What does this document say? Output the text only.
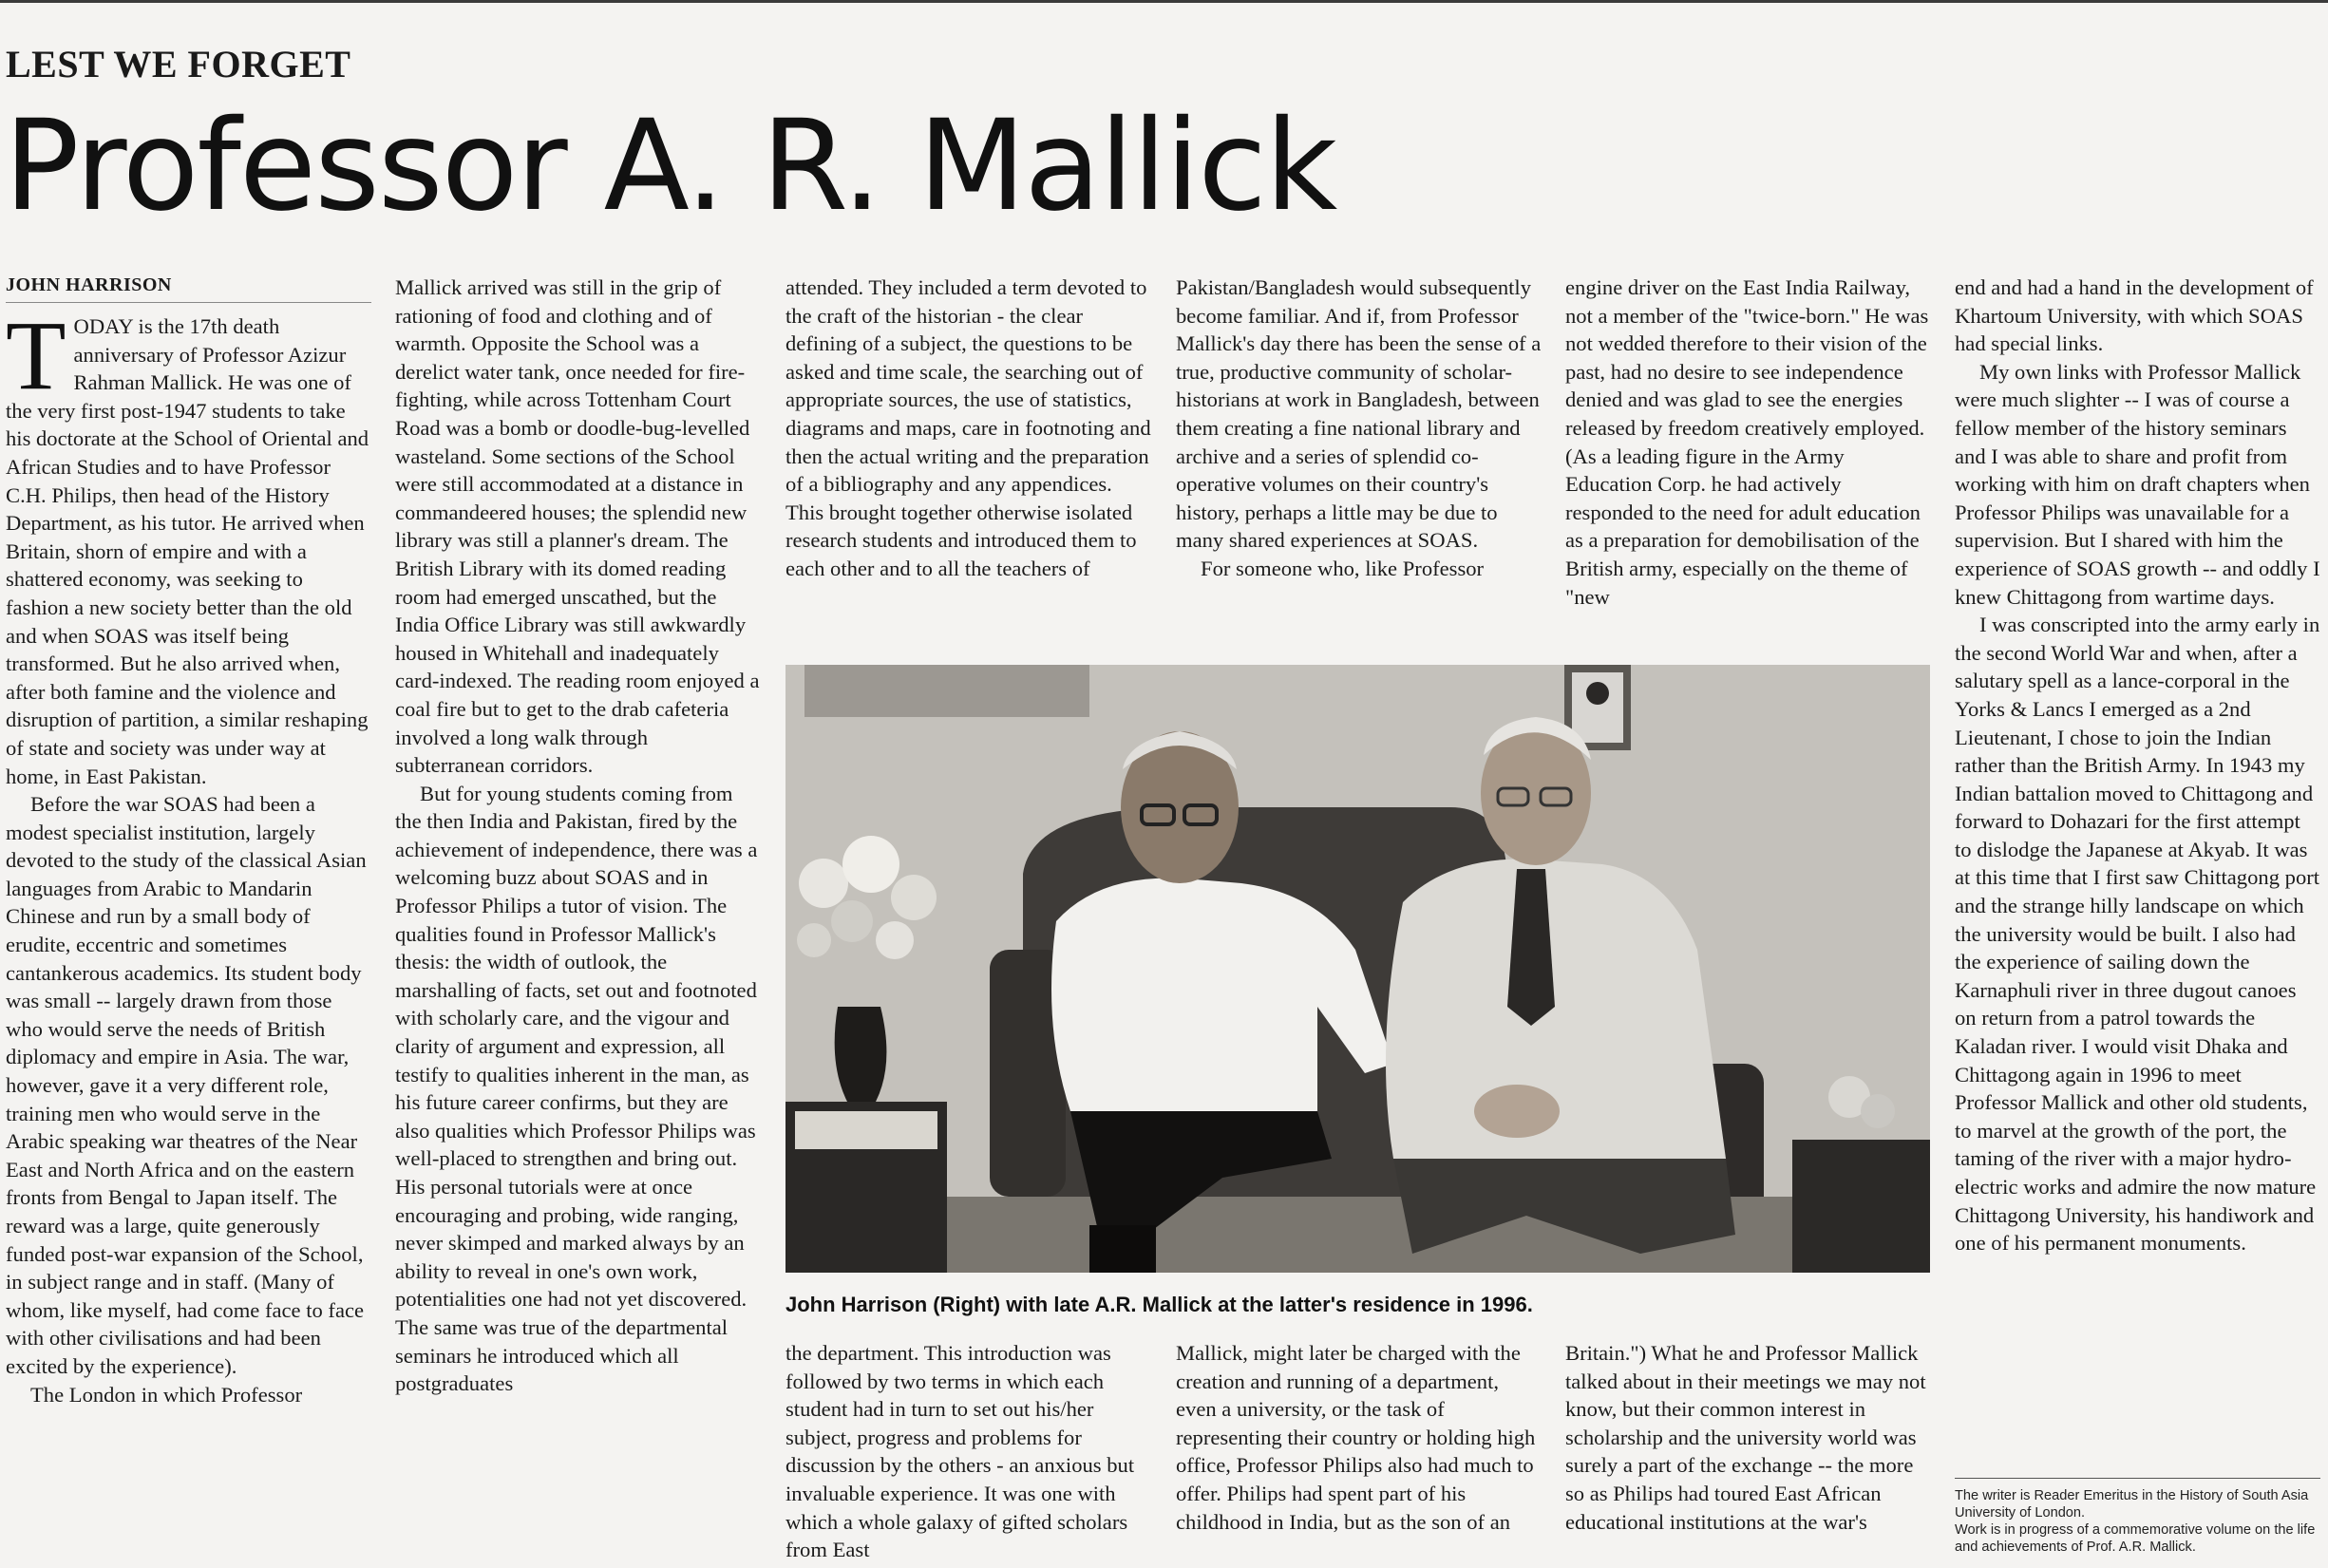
LEST WE FORGET
Professor A. R. Mallick
JOHN HARRISON

TODAY is the 17th death anniversary of Professor Azizur Rahman Mallick. He was one of the very first post-1947 students to take his doctorate at the School of Oriental and African Studies and to have Professor C.H. Philips, then head of the History Department, as his tutor. He arrived when Britain, shorn of empire and with a shattered economy, was seeking to fashion a new society better than the old and when SOAS was itself being transformed. But he also arrived when, after both famine and the violence and disruption of partition, a similar reshaping of state and society was under way at home, in East Pakistan.

Before the war SOAS had been a modest specialist institution, largely devoted to the study of the classical Asian languages from Arabic to Mandarin Chinese and run by a small body of erudite, eccentric and sometimes cantankerous academics. Its student body was small -- largely drawn from those who would serve the needs of British diplomacy and empire in Asia. The war, however, gave it a very different role, training men who would serve in the Arabic speaking war theatres of the Near East and North Africa and on the eastern fronts from Bengal to Japan itself. The reward was a large, quite generously funded post-war expansion of the School, in subject range and in staff. (Many of whom, like myself, had come face to face with other civilisations and had been excited by the experience).

The London in which Professor

Mallick arrived was still in the grip of rationing of food and clothing and of warmth. Opposite the School was a derelict water tank, once needed for fire- fighting, while across Tottenham Court Road was a bomb or doodle-bug-levelled wasteland. Some sections of the School were still accommodated at a distance in commandeered houses; the splendid new library was still a planner's dream. The British Library with its domed reading room had emerged unscathed, but the India Office Library was still awkwardly housed in Whitehall and inadequately card-indexed. The reading room enjoyed a coal fire but to get to the drab cafeteria involved a long walk through subterranean corridors.

But for young students coming from the then India and Pakistan, fired by the achievement of independence, there was a welcoming buzz about SOAS and in Professor Philips a tutor of vision. The qualities found in Professor Mallick's thesis: the width of outlook, the marshalling of facts, set out and footnoted with scholarly care, and the vigour and clarity of argument and expression, all testify to qualities inherent in the man, as his future career confirms, but they are also qualities which Professor Philips was well-placed to strengthen and bring out. His personal tutorials were at once encouraging and probing, wide ranging, never skimped and marked always by an ability to reveal in one's own work, potentialities one had not yet discovered. The same was true of the departmental seminars he introduced which all postgraduates

attended. They included a term devoted to the craft of the historian - the clear defining of a subject, the questions to be asked and time scale, the searching out of appropriate sources, the use of statistics, diagrams and maps, care in footnoting and then the actual writing and the preparation of a bibliography and any appendices. This brought together otherwise isolated research students and introduced them to each other and to all the teachers of

Pakistan/Bangladesh would subsequently become familiar. And if, from Professor Mallick's day there has been the sense of a true, productive community of scholar-historians at work in Bangladesh, between them creating a fine national library and archive and a series of splendid co-operative volumes on their country's history, perhaps a little may be due to many shared experiences at SOAS.

For someone who, like Professor

engine driver on the East India Railway, not a member of the "twice-born." He was not wedded therefore to their vision of the past, had no desire to see independence denied and was glad to see the energies released by freedom creatively employed. (As a leading figure in the Army Education Corp. he had actively responded to the need for adult education as a preparation for demobilisation of the British army, especially on the theme of "new

John Harrison (Right) with late A.R. Mallick at the latter's residence in 1996.

the department. This introduction was followed by two terms in which each student had in turn to set out his/her subject, progress and problems for discussion by the others - an anxious but invaluable experience. It was one with which a whole galaxy of gifted scholars from East

Mallick, might later be charged with the creation and running of a department, even a university, or the task of representing their country or holding high office, Professor Philips also had much to offer. Philips had spent part of his childhood in India, but as the son of an

Britain.") What he and Professor Mallick talked about in their meetings we may not know, but their common interest in scholarship and the university world was surely a part of the exchange -- the more so as Philips had toured East African educational institutions at the war's

end and had a hand in the development of Khartoum University, with which SOAS had special links.

My own links with Professor Mallick were much slighter -- I was of course a fellow member of the history seminars and I was able to share and profit from working with him on draft chapters when Professor Philips was unavailable for a supervision. But I shared with him the experience of SOAS growth -- and oddly I knew Chittagong from wartime days.

I was conscripted into the army early in the second World War and when, after a salutary spell as a lance-corporal in the Yorks & Lancs I emerged as a 2nd Lieutenant, I chose to join the Indian rather than the British Army. In 1943 my Indian battalion moved to Chittagong and forward to Dohazari for the first attempt to dislodge the Japanese at Akyab. It was at this time that I first saw Chittagong port and the strange hilly landscape on which the university would be built. I also had the experience of sailing down the Karnaphuli river in three dugout canoes on return from a patrol towards the Kaladan river. I would visit Dhaka and Chittagong again in 1996 to meet Professor Mallick and other old students, to marvel at the growth of the port, the taming of the river with a major hydro-electric works and admire the now mature Chittagong University, his handiwork and one of his permanent monuments.

The writer is Reader Emeritus in the History of South Asia University of London.

Work is in progress of a commemorative volume on the life and achievements of Prof. A.R. Mallick.
